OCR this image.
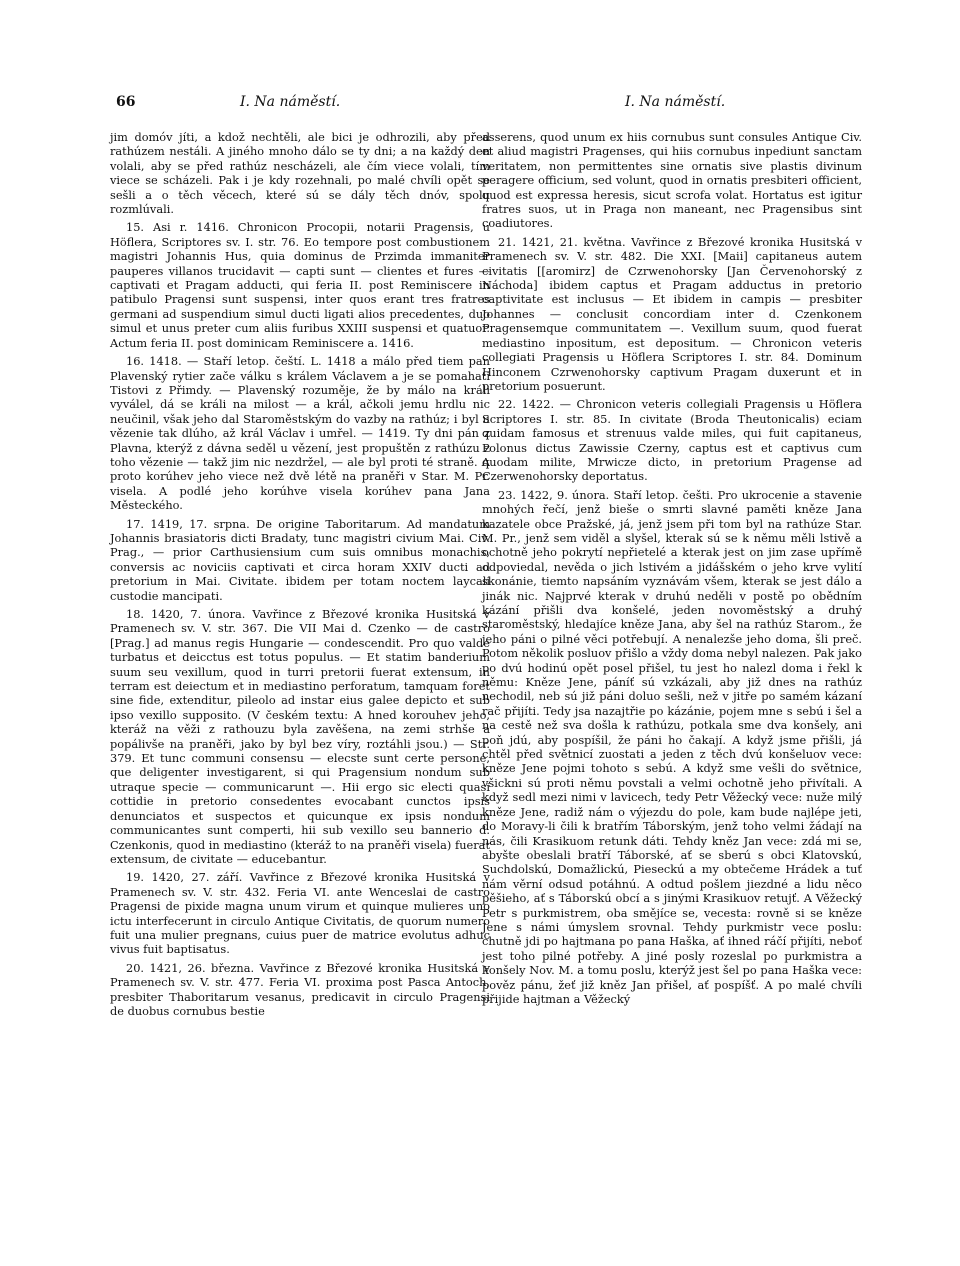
66	I. Na náměstí.	I. Na náměstí.

jim domóv jíti, a kdož nechtěli, ale bici je odhrozili, aby před rathúzem nestáli. A jiného mnoho dálo se ty dni; a na každý den volali, aby se před rathúz nescházeli, ale čím viece volali, tím viece se scházeli. Pak i je kdy rozehnali, po malé chvíli opět se sešli a o těch věcech, které sú se dály těch dnóv, spolu rozmlúvali.

15. Asi r. 1416. Chronicon Procopii, notarii Pragensis, u Höflera, Scriptores sv. I. str. 76. Eo tempore post combustionem magistri Johannis Hus, quia dominus de Przimda immaniter pauperes villanos trucidavit — capti sunt — clientes et fures — captivati et Pragam adducti, qui feria II. post Reminiscere in patibulo Pragensi sunt suspensi, inter quos erant tres fratres germani ad suspendium simul ducti ligati alios precedentes, duo simul et unus preter cum aliis furibus XXIII suspensi et quatuor. Actum feria II. post dominicam Reminiscere a. 1416.

16. 1418. — Staří letop. čeští. L. 1418 a málo před tiem pan Plavenský rytier zače válku s králem Václavem a je se pomahati Tistovi z Přimdy. — Plavenský rozuměje, že by málo na králi vyválel, dá se králi na milost — a král, ačkoli jemu hrdlu nic neučinil, však jeho dal Staroměstským do vazby na rathúz; i byl u vězenie tak dlúho, až král Václav i umřel. — 1419. Ty dni pán z Plavna, kterýž z dávna seděl u vězení, jest propuštěn z rathúzu z toho vězenie — takž jim nic nezdržel, — ale byl proti té straně. A proto korúhev jeho viece než dvě létě na praněři v Star. M. Pr. visela. A podlé jeho korúhve visela korúhev pana Jana Městeckého.

17. 1419, 17. srpna. De origine Taboritarum. Ad mandatum Johannis brasiatoris dicti Bradaty, tunc magistri civium Mai. Civ. Prag., — prior Carthusiensium cum suis omnibus monachis, conversis ac noviciis captivati et circa horam XXIV ducti ad pretorium in Mai. Civitate. ibidem per totam noctem laycali custodie mancipati.

18. 1420, 7. února. Vavřince z Březové kronika Husitská v Pramenech sv. V. str. 367. Die VII Mai d. Czenko — de castro [Prag.] ad manus regis Hungarie — condescendit. Pro quo valde turbatus et deicctus est totus populus. — Et statim banderium suum seu vexillum, quod in turri pretorii fuerat extensum, in terram est deiectum et in mediastino perforatum, tamquam foret sine fide, extenditur, pileolo ad instar eius galee depicto et sub ipso vexillo supposito. (V českém textu: A hned korouhev jeho, kteráž na věži z rathouzu byla zavěšena, na zemi strhše a popálivše na praněři, jako by byl bez víry, roztáhli jsou.) — Str. 379. Et tunc communi consensu — elecste sunt certe persone, que deligenter investigarent, si qui Pragensium nondum sub utraque specie — communicarunt —. Hii ergo sic electi quasi cottidie in pretorio consedentes evocabant cunctos ipsis denunciatos et suspectos et quicunque ex ipsis nondum communicantes sunt comperti, hii sub vexillo seu bannerio d. Czenkonis, quod in mediastino (kteráž to na praněři visela) fuerat extensum, de civitate — educebantur.

19. 1420, 27. září. Vavřince z Březové kronika Husitská v Pramenech sv. V. str. 432. Feria VI. ante Wenceslai de castro Pragensi de pixide magna unum virum et quinque mulieres uno ictu interfecerunt in circulo Antique Civitatis, de quorum numero fuit una mulier pregnans, cuius puer de matrice evolutus adhuc vivus fuit baptisatus.

20. 1421, 26. března. Vavřince z Březové kronika Husitská v Pramenech sv. V. str. 477. Feria VI. proxima post Pasca Antoch, presbiter Thaboritarum vesanus, predicavit in circulo Pragensi de duobus cornubus bestie

asserens, quod unum ex hiis cornubus sunt consules Antique Civ. et aliud magistri Pragenses, qui hiis cornubus inpediunt sanctam veritatem, non permittentes sine ornatis sive plastis divinum peragere officium, sed volunt, quod in ornatis presbiteri officient, quod est expressa heresis, sicut scrofa volat. Hortatus est igitur fratres suos, ut in Praga non maneant, nec Pragensibus sint coadiutores.

21. 1421, 21. května. Vavřince z Březové kronika Husitská v Pramenech sv. V. str. 482. Die XXI. [Maii] capitaneus autem civitatis [[aromirz] de Czrwenohorsky [Jan Červenohorský z Náchoda] ibidem captus et Pragam adductus in pretorio captivitate est inclusus — Et ibidem in campis — presbiter Johannes — conclusit concordiam inter d. Czenkonem Pragensemque communitatem —. Vexillum suum, quod fuerat mediastino inpositum, est depositum. — Chronicon veteris collegiati Pragensis u Höflera Scriptores I. str. 84. Dominum Hinconem Czrwenohorsky captivum Pragam duxerunt et in pretorium posuerunt.

22. 1422. — Chronicon veteris collegiali Pragensis u Höflera Scriptores I. str. 85. In civitate (Broda Theutonicalis) eciam quidam famosus et strenuus valde miles, qui fuit capitaneus, Polonus dictus Zawissie Czerny, captus est et captivus cum quodam milite, Mrwicze dicto, in pretorium Pragense ad Czerwenohorsky deportatus.

23. 1422, 9. února. Staří letop. češti. Pro ukrocenie a stavenie mnohých řečí, jenž bieše o smrti slavné paměti kněze Jana kazatele obce Pražské, já, jenž jsem při tom byl na rathúze Star. M. Pr., jenž sem viděl a slyšel, kterak sú se k němu měli lstivě a ochotně jeho pokrytí nepřietelé a kterak jest on jim zase upřímě odpoviedal, nevěda o jich lstivém a jidášském o jeho krve vylití skonánie, tiemto napsáním vyznávám všem, kterak se jest dálo a jinák nic. Najprvé kterak v druhú neděli v postě po obědním kázání přišli dva konšelé, jeden novoměstský a druhý staroměstský, hledajíce kněze Jana, aby šel na rathúz Starom., že jeho páni o pilné věci potřebují. A nenalezše jeho doma, šli preč. Potom několik posluov přišlo a vždy doma nebyl nalezen. Pak jako po dvú hodinú opět posel přišel, tu jest ho nalezl doma i řekl k němu: Kněze Jene, páníť sú vzkázali, aby již dnes na rathúz nechodil, neb sú již páni doluo sešli, než v jitře po samém kázaní rač přijíti. Tedy jsa nazajtřie po kázánie, pojem mne s sebú i šel a na cestě než sva došla k rathúzu, potkala sme dva konšely, ani poň jdú, aby pospíšil, že páni ho čakají. A když jsme přišli, já chtěl před světnicí zuostati a jeden z těch dvú konšeluov vece: kněze Jene pojmi tohoto s sebú. A když sme vešli do světnice, všickni sú proti němu povstali a velmi ochotně jeho přivítali. A když sedl mezi nimi v lavicech, tedy Petr Věžecký vece: nuže milý kněze Jene, radiž nám o výjezdu do pole, kam bude najlépe jeti, do Moravy-li čili k bratřím Táborským, jenž toho velmi žádají na nás, čili Krasikuom retunk dáti. Tehdy kněz Jan vece: zdá mi se, abyšte obeslali bratří Táborské, ať se sberú s obci Klatovskú, Suchdolskú, Domažlickú, Pieseckú a my obtečeme Hrádek a tuť nám věrní odsud potáhnú. A odtud pošlem jiezdné a lidu něco pěšieho, ať s Táborskú obcí a s jinými Krasikuov retujť. A Věžecký Petr s purkmistrem, oba smějíce se, vecesta: rovně si se kněze Jene s námi úmyslem srovnal. Tehdy purkmistr vece poslu: chutně jdi po hajtmana po pana Haška, ať ihned ráčí přijíti, neboť jest toho pilné potřeby. A jiné posly rozeslal po purkmistra a konšely Nov. M. a tomu poslu, kterýž jest šel po pana Haška vece: pověz pánu, žeť již kněz Jan přišel, ať pospíšť. A po malé chvíli přijide hajtman a Věžecký
